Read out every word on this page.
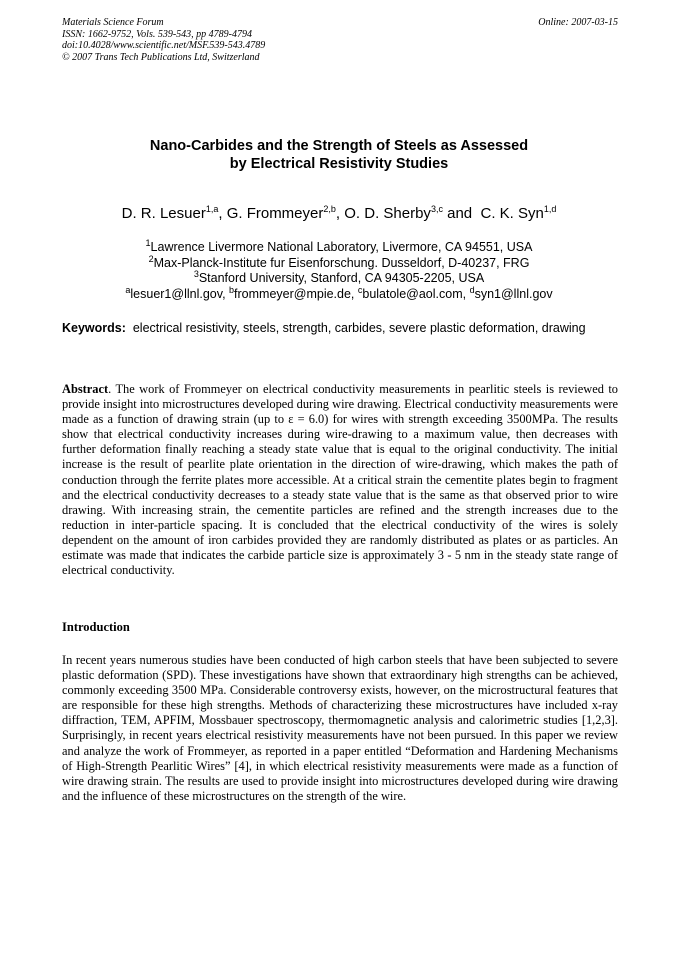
Materials Science Forum
ISSN: 1662-9752, Vols. 539-543, pp 4789-4794
doi:10.4028/www.scientific.net/MSF.539-543.4789
© 2007 Trans Tech Publications Ltd, Switzerland
Online: 2007-03-15
Nano-Carbides and the Strength of Steels as Assessed
by Electrical Resistivity Studies
D. R. Lesuer$^{1,a}$, G. Frommeyer$^{2,b}$, O. D. Sherby$^{3,c}$ and  C. K. Syn$^{1,d}$
$^1$Lawrence Livermore National Laboratory, Livermore, CA 94551, USA
$^2$Max-Planck-Institute fur Eisenforschung. Dusseldorf, D-40237, FRG
$^3$Stanford University, Stanford, CA 94305-2205, USA
$^a$lesuer1@llnl.gov, $^b$frommeyer@mpie.de, $^c$bulatole@aol.com, $^d$syn1@llnl.gov
Keywords:  electrical resistivity, steels, strength, carbides, severe plastic deformation, drawing
Abstract. The work of Frommeyer on electrical conductivity measurements in pearlitic steels is reviewed to provide insight into microstructures developed during wire drawing. Electrical conductivity measurements were made as a function of drawing strain (up to ε = 6.0) for wires with strength exceeding 3500MPa. The results show that electrical conductivity increases during wire-drawing to a maximum value, then decreases with further deformation finally reaching a steady state value that is equal to the original conductivity. The initial increase is the result of pearlite plate orientation in the direction of wire-drawing, which makes the path of conduction through the ferrite plates more accessible. At a critical strain the cementite plates begin to fragment and the electrical conductivity decreases to a steady state value that is the same as that observed prior to wire drawing. With increasing strain, the cementite particles are refined and the strength increases due to the reduction in inter-particle spacing. It is concluded that the electrical conductivity of the wires is solely dependent on the amount of iron carbides provided they are randomly distributed as plates or as particles. An estimate was made that indicates the carbide particle size is approximately 3 - 5 nm in the steady state range of electrical conductivity.
Introduction
In recent years numerous studies have been conducted of high carbon steels that have been subjected to severe plastic deformation (SPD). These investigations have shown that extraordinary high strengths can be achieved, commonly exceeding 3500 MPa. Considerable controversy exists, however, on the microstructural features that are responsible for these high strengths. Methods of characterizing these microstructures have included x-ray diffraction, TEM, APFIM, Mossbauer spectroscopy, thermomagnetic analysis and calorimetric studies [1,2,3]. Surprisingly, in recent years electrical resistivity measurements have not been pursued. In this paper we review and analyze the work of Frommeyer, as reported in a paper entitled “Deformation and Hardening Mechanisms of High-Strength Pearlitic Wires” [4], in which electrical resistivity measurements were made as a function of wire drawing strain. The results are used to provide insight into microstructures developed during wire drawing and the influence of these microstructures on the strength of the wire.
